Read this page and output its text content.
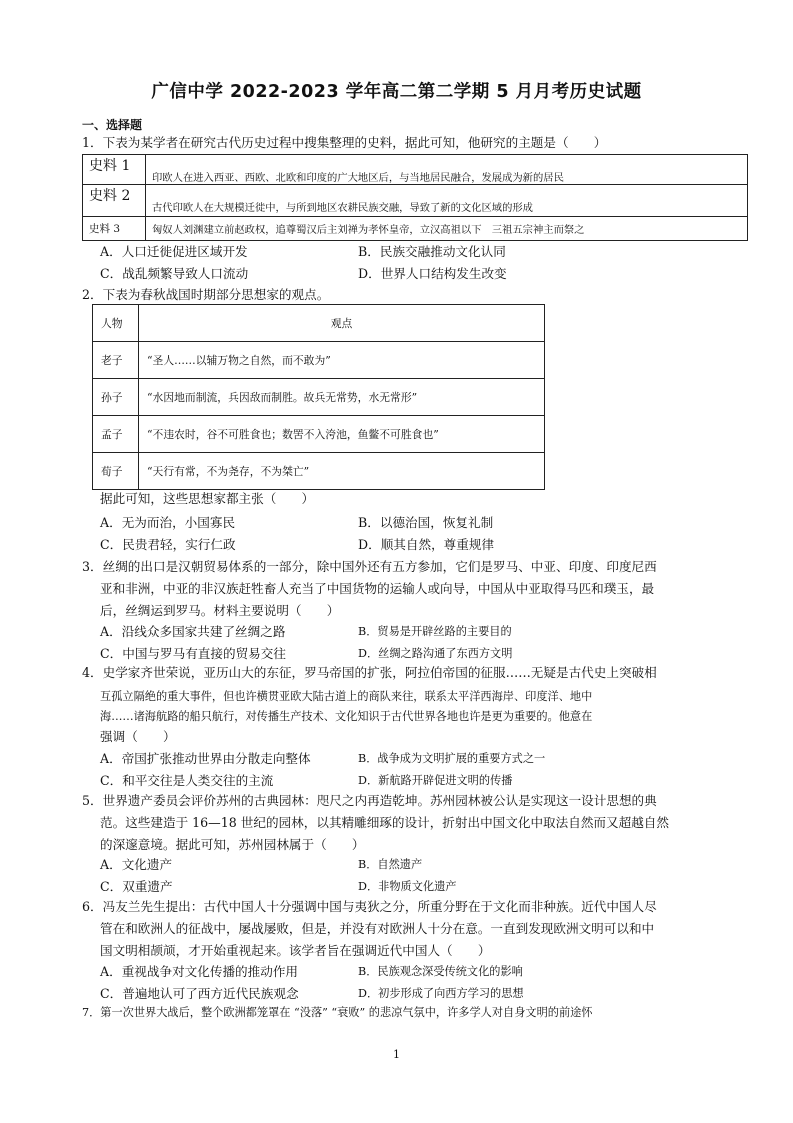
广信中学 2022-2023 学年高二第二学期 5 月月考历史试题
一、选择题
1．下表为某学者在研究古代历史过程中搜集整理的史料，据此可知，他研究的主题是（　　）
史料 1	印欧人在进入西亚、西欧、北欧和印度的广大地区后，与当地居民融合，发展成为新的居民
史料 2	古代印欧人在大规模迁徙中，与所到地区农耕民族交融，导致了新的文化区域的形成
史料 3	匈奴人刘渊建立前赵政权，追尊蜀汉后主刘禅为孝怀皇帝，立汉高祖以下　三祖五宗神主而祭之
A．人口迁徙促进区域开发	B．民族交融推动文化认同
C．战乱频繁导致人口流动	D．世界人口结构发生改变
2．下表为春秋战国时期部分思想家的观点。
人物	观点
老子	“圣人……以辅万物之自然，而不敢为”
孙子	“水因地而制流，兵因敌而制胜。故兵无常势，水无常形”
孟子	“不违农时，谷不可胜食也；数罟不入洿池，鱼鳖不可胜食也”
荀子	“天行有常，不为尧存，不为桀亡”
据此可知，这些思想家都主张（　　）
A．无为而治，小国寡民	B．以德治国，恢复礼制
C．民贵君轻，实行仁政	D．顺其自然，尊重规律
3．丝绸的出口是汉朝贸易体系的一部分，除中国外还有五方参加，它们是罗马、中亚、印度、印度尼西
亚和非洲，中亚的非汉族赶牲畜人充当了中国货物的运输人或向导，中国从中亚取得马匹和璞玉，最
后，丝绸运到罗马。材料主要说明（　　）
A．沿线众多国家共建了丝绸之路	B．贸易是开辟丝路的主要目的
C．中国与罗马有直接的贸易交往	D．丝绸之路沟通了东西方文明
4．史学家齐世荣说，亚历山大的东征，罗马帝国的扩张，阿拉伯帝国的征服……无疑是古代史上突破相
互孤立隔绝的重大事件，但也许横贯亚欧大陆古道上的商队来往，联系太平洋西海岸、印度洋、地中
海……诸海航路的船只航行，对传播生产技术、文化知识于古代世界各地也许是更为重要的。他意在
强调（　　）
A．帝国扩张推动世界由分散走向整体	B．战争成为文明扩展的重要方式之一
C．和平交往是人类交往的主流	D．新航路开辟促进文明的传播
5．世界遗产委员会评价苏州的古典园林：咫尺之内再造乾坤。苏州园林被公认是实现这一设计思想的典
范。这些建造于 16—18 世纪的园林，以其精雕细琢的设计，折射出中国文化中取法自然而又超越自然
的深邃意境。据此可知，苏州园林属于（　　）
A．文化遗产	B．自然遗产
C．双重遗产	D．非物质文化遗产
6．冯友兰先生提出：古代中国人十分强调中国与夷狄之分，所重分野在于文化而非种族。近代中国人尽
管在和欧洲人的征战中，屡战屡败，但是，并没有对欧洲人十分在意。一直到发现欧洲文明可以和中
国文明相颉颃，才开始重视起来。该学者旨在强调近代中国人（　　）
A．重视战争对文化传播的推动作用	B．民族观念深受传统文化的影响
C．普遍地认可了西方近代民族观念	D．初步形成了向西方学习的思想
7．第一次世界大战后，整个欧洲都笼罩在 “没落” “衰败” 的悲凉气氛中，许多学人对自身文明的前途怀
1
